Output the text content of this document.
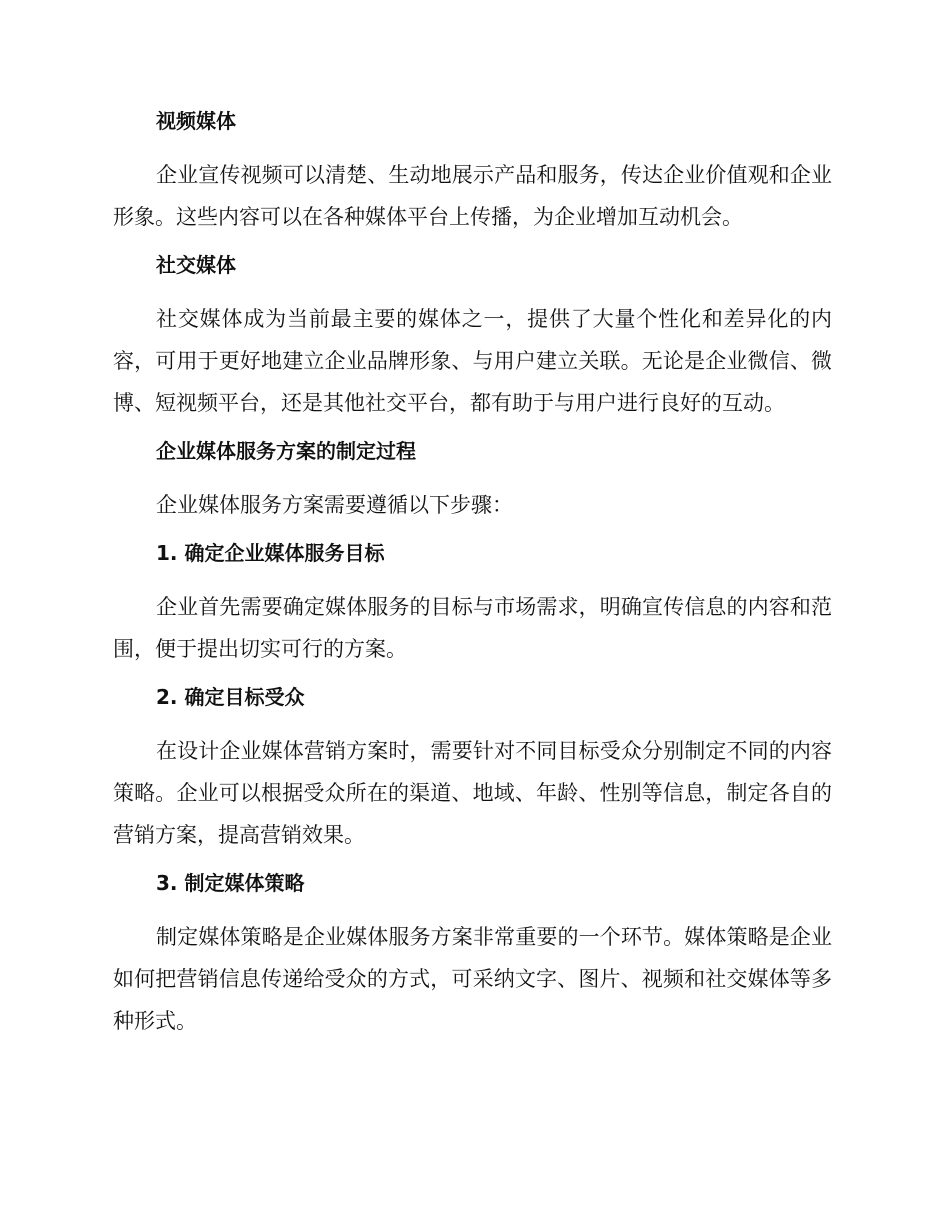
视频媒体

企业宣传视频可以清楚、生动地展示产品和服务，传达企业价值观和企业形象。这些内容可以在各种媒体平台上传播，为企业增加互动机会。

社交媒体

社交媒体成为当前最主要的媒体之一，提供了大量个性化和差异化的内容，可用于更好地建立企业品牌形象、与用户建立关联。无论是企业微信、微博、短视频平台，还是其他社交平台，都有助于与用户进行良好的互动。

企业媒体服务方案的制定过程

企业媒体服务方案需要遵循以下步骤：

1. 确定企业媒体服务目标

企业首先需要确定媒体服务的目标与市场需求，明确宣传信息的内容和范围，便于提出切实可行的方案。

2. 确定目标受众

在设计企业媒体营销方案时，需要针对不同目标受众分别制定不同的内容策略。企业可以根据受众所在的渠道、地域、年龄、性别等信息，制定各自的营销方案，提高营销效果。

3. 制定媒体策略

制定媒体策略是企业媒体服务方案非常重要的一个环节。媒体策略是企业如何把营销信息传递给受众的方式，可采纳文字、图片、视频和社交媒体等多种形式。
